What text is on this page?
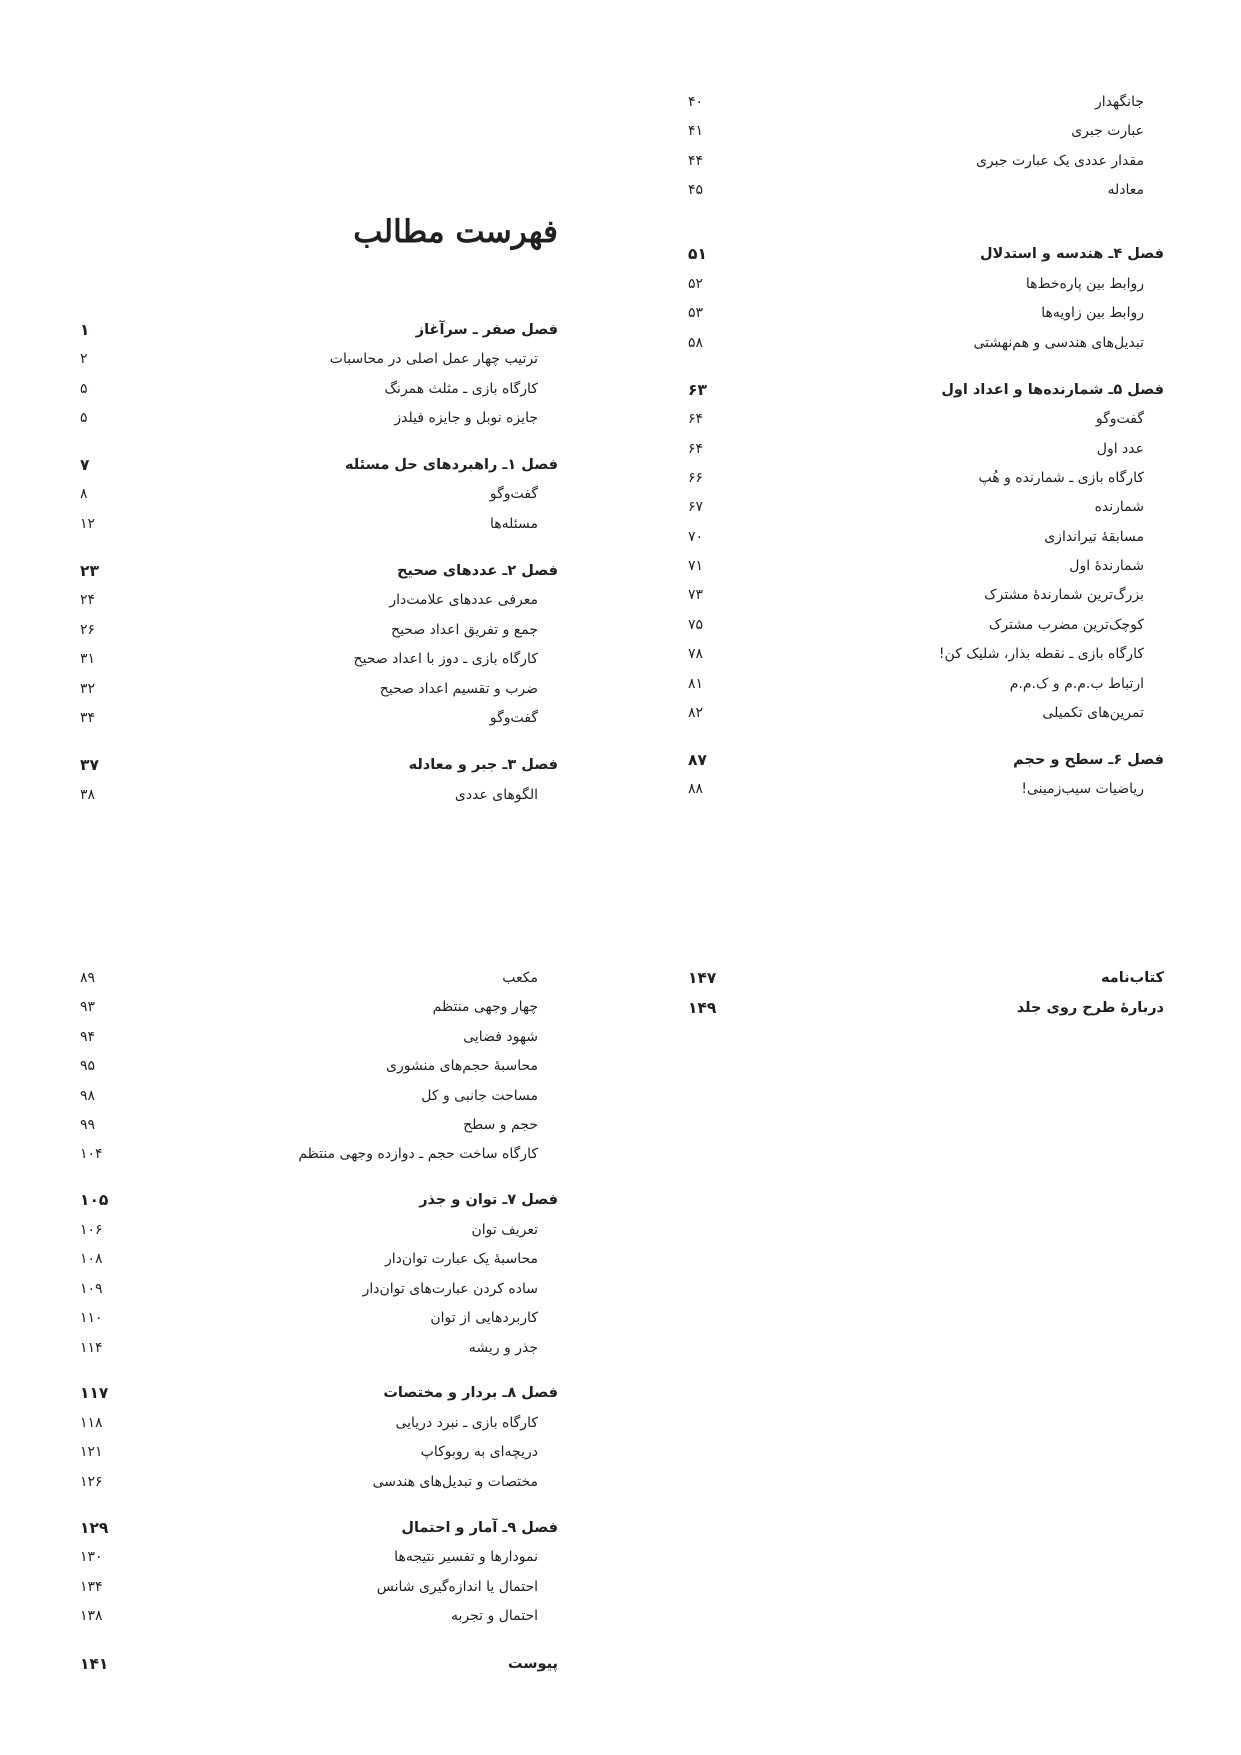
فهرست مطالب
جانگهدار
۴۰
عبارت جبری
۴۱
مقدار عددی یک عبارت جبری
۴۴
معادله
۴۵
فصل ۴ـ هندسه و استدلال
۵۱
روابط بین پاره‌خط‌ها
۵۲
روابط بین زاویه‌ها
۵۳
تبدیل‌های هندسی و هم‌نهشتی
۵۸
فصل ۵ـ شمارنده‌ها و اعداد اول
۶۳
گفت‌وگو
۶۴
عدد اول
۶۴
کارگاه بازی ـ شمارنده و هُپ
۶۶
شمارنده
۶۷
مسابقهٔ تیراندازی
۷۰
شمارندهٔ اول
۷۱
بزرگ‌ترین شمارندهٔ مشترک
۷۳
کوچک‌ترین مضرب مشترک
۷۵
کارگاه بازی ـ نقطه بذار، شلیک کن!
۷۸
ارتباط ب.م.م و ک.م.م
۸۱
تمرین‌های تکمیلی
۸۲
فصل ۶ـ سطح و حجم
۸۷
ریاضیات سیب‌زمینی!
۸۸
فصل صفر ـ سرآغاز
۱
ترتیب چهار عمل اصلی در محاسبات
۲
کارگاه بازی ـ مثلث همرنگ
۵
جایزه نوبل و جایزه فیلدز
۵
فصل ۱ـ راهبردهای حل مسئله
۷
گفت‌وگو
۸
مسئله‌ها
۱۲
فصل ۲ـ عددهای صحیح
۲۳
معرفی عددهای علامت‌دار
۲۴
جمع و تفریق اعداد صحیح
۲۶
کارگاه بازی ـ دوز با اعداد صحیح
۳۱
ضرب و تقسیم اعداد صحیح
۳۲
گفت‌وگو
۳۴
فصل ۳ـ جبر و معادله
۳۷
الگوهای عددی
۳۸
کتاب‌نامه
۱۴۷
دربارهٔ طرح روی جلد
۱۴۹
مکعب
۸۹
چهار وجهی منتظم
۹۳
شهود فضایی
۹۴
محاسبهٔ حجم‌های منشوری
۹۵
مساحت جانبی و کل
۹۸
حجم و سطح
۹۹
کارگاه ساخت حجم ـ دوازده وجهی منتظم
۱۰۴
فصل ۷ـ توان و جذر
۱۰۵
تعریف توان
۱۰۶
محاسبهٔ یک عبارت توان‌دار
۱۰۸
ساده کردن عبارت‌های توان‌دار
۱۰۹
کاربردهایی از توان
۱۱۰
جذر و ریشه
۱۱۴
فصل ۸ـ بردار و مختصات
۱۱۷
کارگاه بازی ـ نبرد دریایی
۱۱۸
دریچه‌ای به روبوکاپ
۱۲۱
مختصات و تبدیل‌های هندسی
۱۲۶
فصل ۹ـ آمار و احتمال
۱۲۹
نمودارها و تفسیر نتیجه‌ها
۱۳۰
احتمال یا اندازه‌گیری شانس
۱۳۴
احتمال و تجربه
۱۳۸
پیوست
۱۴۱
